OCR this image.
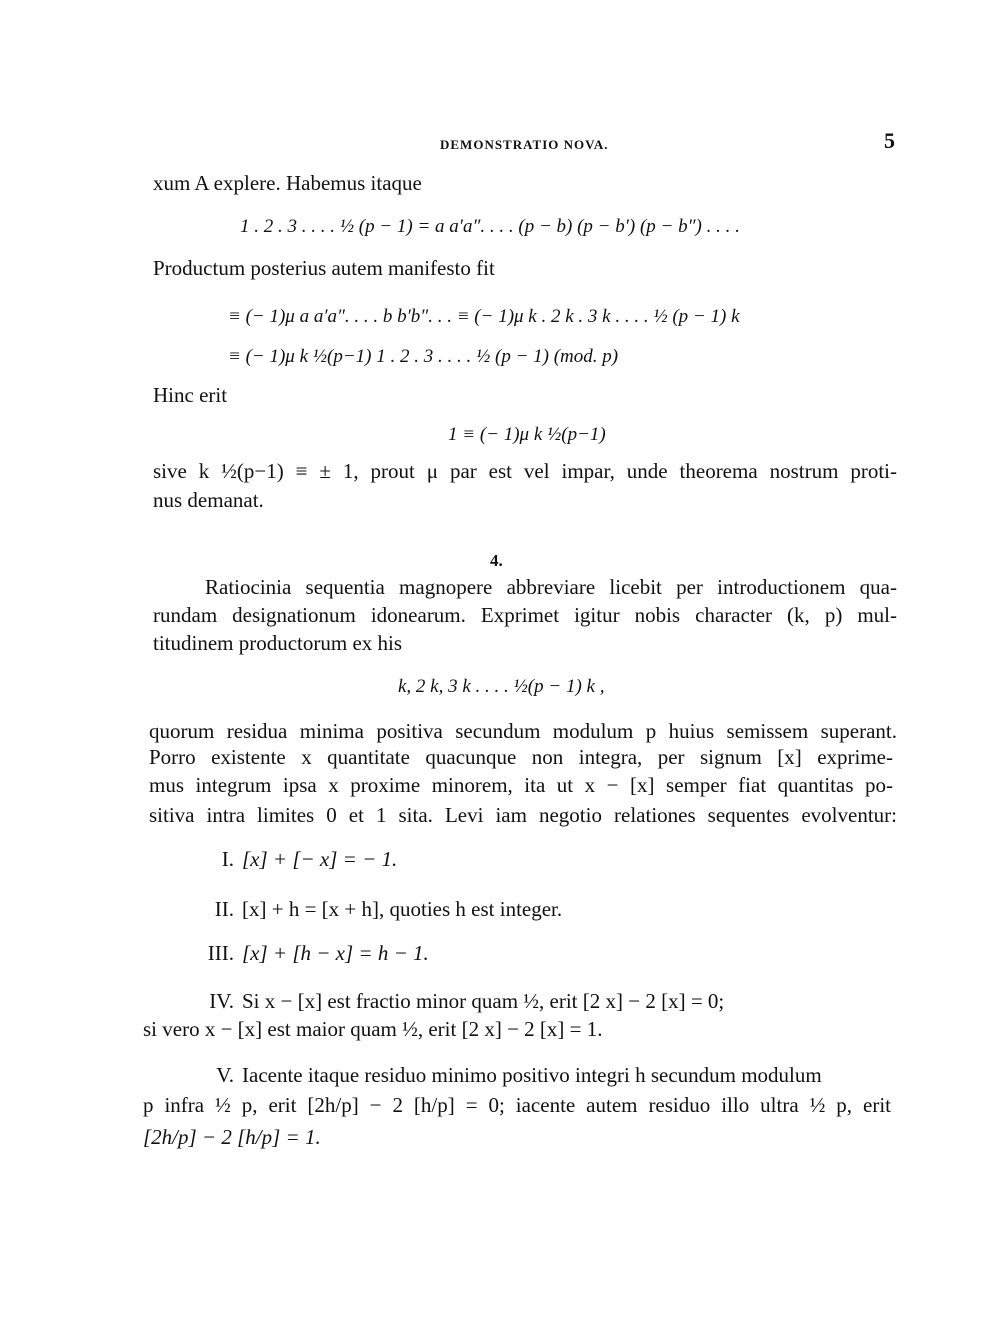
DEMONSTRATIO NOVA.	5
xum A explere. Habemus itaque
1 . 2 . 3 . . . . ½ (p − 1) = a a′a″. . . . (p − b) (p − b′) (p − b″) . . . .
Productum posterius autem manifesto fit
≡ (− 1)μ a a′a″. . . . b b′b″. . . ≡ (− 1)μ k . 2 k . 3 k . . . . ½ (p − 1) k
≡ (− 1)μ k ½(p−1) 1 . 2 . 3 . . . . ½ (p − 1) (mod. p)
Hinc erit
1 ≡ (− 1)μ k ½(p−1)
sive k ½(p−1) ≡ ± 1, prout μ par est vel impar, unde theorema nostrum proti-
nus demanat.
4.
Ratiocinia sequentia magnopere abbreviare licebit per introductionem qua-
rundam designationum idonearum. Exprimet igitur nobis character (k, p) mul-
titudinem productorum ex his
k, 2 k, 3 k . . . . ½(p − 1) k ,
quorum residua minima positiva secundum modulum p huius semissem superant.
Porro existente x quantitate quacunque non integra, per signum [x] exprime-
mus integrum ipsa x proxime minorem, ita ut x − [x] semper fiat quantitas po-
sitiva intra limites 0 et 1 sita. Levi iam negotio relationes sequentes evolventur:
I. [x] + [− x] = − 1.
II. [x] + h = [x + h], quoties h est integer.
III. [x] + [h − x] = h − 1.
IV. Si x − [x] est fractio minor quam ½, erit [2 x] − 2 [x] = 0;
si vero x − [x] est maior quam ½, erit [2 x] − 2 [x] = 1.
V. Iacente itaque residuo minimo positivo integri h secundum modulum
p infra ½ p, erit [2h/p] − 2 [h/p] = 0; iacente autem residuo illo ultra ½ p, erit
[2h/p] − 2 [h/p] = 1.
